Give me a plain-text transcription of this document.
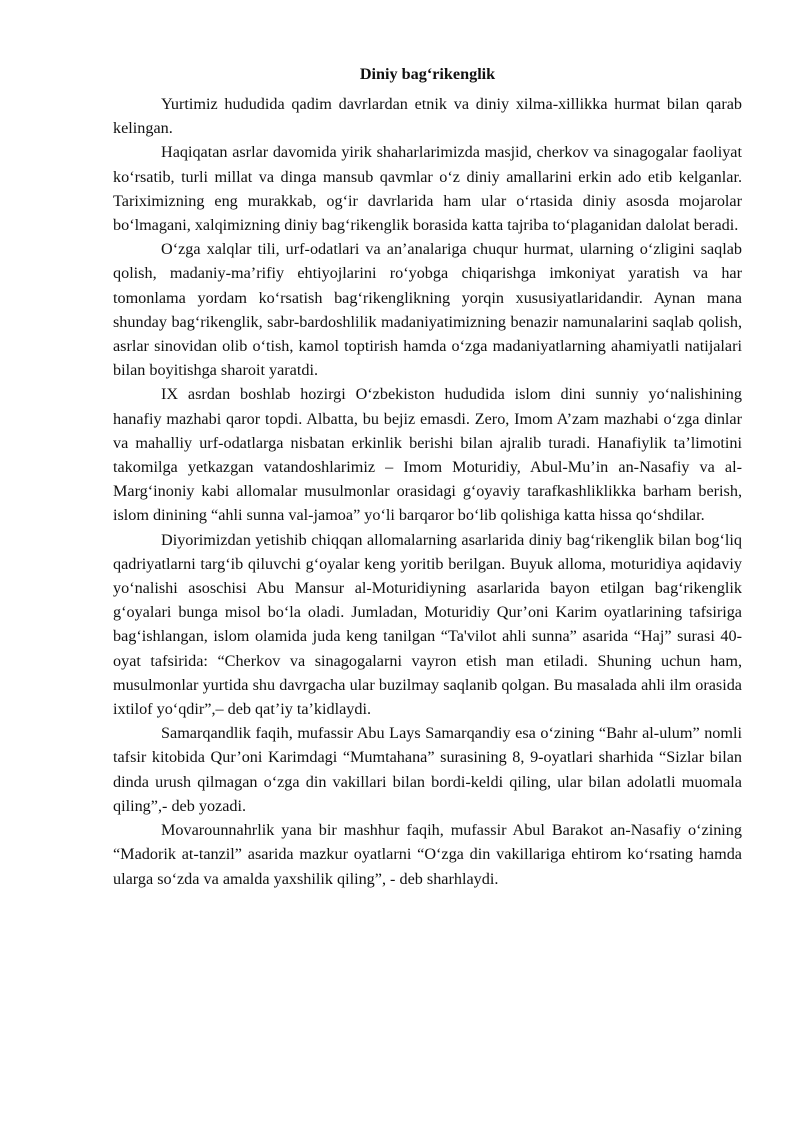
Diniy bag‘rikenglik

Yurtimiz hududida qadim davrlardan etnik va diniy xilma-xillikka hurmat bilan qarab kelingan.

Haqiqatan asrlar davomida yirik shaharlarimizda masjid, cherkov va sinagogalar faoliyat ko‘rsatib, turli millat va dinga mansub qavmlar o‘z diniy amallarini erkin ado etib kelganlar. Tariximizning eng murakkab, og‘ir davrlarida ham ular o‘rtasida diniy asosda mojarolar bo‘lmagani, xalqimizning diniy bag‘rikenglik borasida katta tajriba to‘plaganidan dalolat beradi.

O‘zga xalqlar tili, urf-odatlari va an’analariga chuqur hurmat, ularning o‘zligini saqlab qolish, madaniy-ma’rifiy ehtiyojlarini ro‘yobga chiqarishga imkoniyat yaratish va har tomonlama yordam ko‘rsatish bag‘rikenglikning yorqin xususiyatlaridandir. Aynan mana shunday bag‘rikenglik, sabr-bardoshlilik madaniyatimizning benazir namunalarini saqlab qolish, asrlar sinovidan olib o‘tish, kamol toptirish hamda o‘zga madaniyatlarning ahamiyatli natijalari bilan boyitishga sharoit yaratdi.

IX asrdan boshlab hozirgi O‘zbekiston hududida islom dini sunniy yo‘nalishining hanafiy mazhabi qaror topdi. Albatta, bu bejiz emasdi. Zero, Imom A’zam mazhabi o‘zga dinlar va mahalliy urf-odatlarga nisbatan erkinlik berishi bilan ajralib turadi. Hanafiylik ta’limotini takomilga yetkazgan vatandoshlarimiz – Imom Moturidiy, Abul-Mu’in an-Nasafiy va al-Marg‘inoniy kabi allomalar musulmonlar orasidagi g‘oyaviy tarafkashliklikka barham berish, islom dinining “ahli sunna val-jamoa” yo‘li barqaror bo‘lib qolishiga katta hissa qo‘shdilar.

Diyorimizdan yetishib chiqqan allomalarning asarlarida diniy bag‘rikenglik bilan bog‘liq qadriyatlarni targ‘ib qiluvchi g‘oyalar keng yoritib berilgan. Buyuk alloma, moturidiya aqidaviy yo‘nalishi asoschisi Abu Mansur al-Moturidiyning asarlarida bayon etilgan bag‘rikenglik g‘oyalari bunga misol bo‘la oladi. Jumladan, Moturidiy Qur’oni Karim oyatlarining tafsiriga bag‘ishlangan, islom olamida juda keng tanilgan “Ta'vilot ahli sunna” asarida “Haj” surasi 40-oyat tafsirida: “Cherkov va sinagogalarni vayron etish man etiladi. Shuning uchun ham, musulmonlar yurtida shu davrgacha ular buzilmay saqlanib qolgan. Bu masalada ahli ilm orasida ixtilof yo‘qdir”,– deb qat’iy ta’kidlaydi.

Samarqandlik faqih, mufassir Abu Lays Samarqandiy esa o‘zining “Bahr al-ulum” nomli tafsir kitobida Qur’oni Karimdagi “Mumtahana” surasining 8, 9-oyatlari sharhida “Sizlar bilan dinda urush qilmagan o‘zga din vakillari bilan bordi-keldi qiling, ular bilan adolatli muomala qiling”,- deb yozadi.

Movarounnahrlik yana bir mashhur faqih, mufassir Abul Barakot an-Nasafiy o‘zining “Madorik at-tanzil” asarida mazkur oyatlarni “O‘zga din vakillariga ehtirom ko‘rsating hamda ularga so‘zda va amalda yaxshilik qiling”, - deb sharhlaydi.
